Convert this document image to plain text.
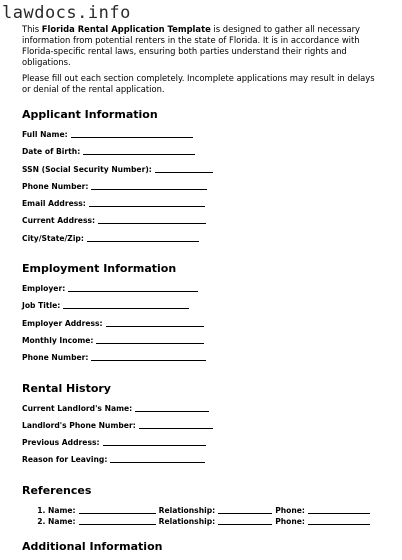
lawdocs.info

This Florida Rental Application Template is designed to gather all necessary information from potential renters in the state of Florida. It is in accordance with Florida-specific rental laws, ensuring both parties understand their rights and obligations.

Please fill out each section completely. Incomplete applications may result in delays or denial of the rental application.

Applicant Information
Full Name:
Date of Birth:
SSN (Social Security Number):
Phone Number:
Email Address:
Current Address:
City/State/Zip:
Employment Information
Employer:
Job Title:
Employer Address:
Monthly Income:
Phone Number:
Rental History
Current Landlord's Name:
Landlord's Phone Number:
Previous Address:
Reason for Leaving:
References
1. Name:	Relationship:	Phone:
2. Name:	Relationship:	Phone:
Additional Information
